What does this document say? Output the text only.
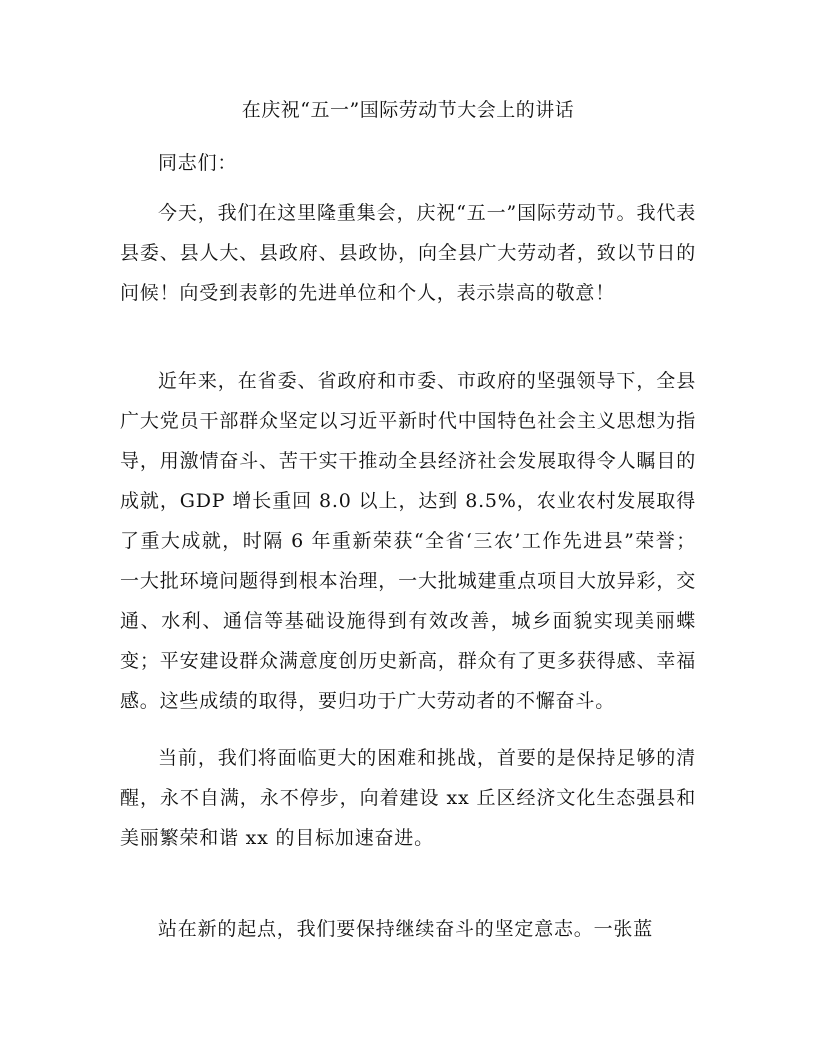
在庆祝“五一”国际劳动节大会上的讲话

同志们：

今天，我们在这里隆重集会，庆祝“五一”国际劳动节。我代表县委、县人大、县政府、县政协，向全县广大劳动者，致以节日的问候！向受到表彰的先进单位和个人，表示崇高的敬意！

近年来，在省委、省政府和市委、市政府的坚强领导下，全县广大党员干部群众坚定以习近平新时代中国特色社会主义思想为指导，用激情奋斗、苦干实干推动全县经济社会发展取得令人瞩目的成就，GDP 增长重回 8.0 以上，达到 8.5%，农业农村发展取得了重大成就，时隔 6 年重新荣获“全省‘三农’工作先进县”荣誉；一大批环境问题得到根本治理，一大批城建重点项目大放异彩，交通、水利、通信等基础设施得到有效改善，城乡面貌实现美丽蝶变；平安建设群众满意度创历史新高，群众有了更多获得感、幸福感。这些成绩的取得，要归功于广大劳动者的不懈奋斗。

当前，我们将面临更大的困难和挑战，首要的是保持足够的清醒，永不自满，永不停步，向着建设 xx 丘区经济文化生态强县和美丽繁荣和谐 xx 的目标加速奋进。

站在新的起点，我们要保持继续奋斗的坚定意志。一张蓝
